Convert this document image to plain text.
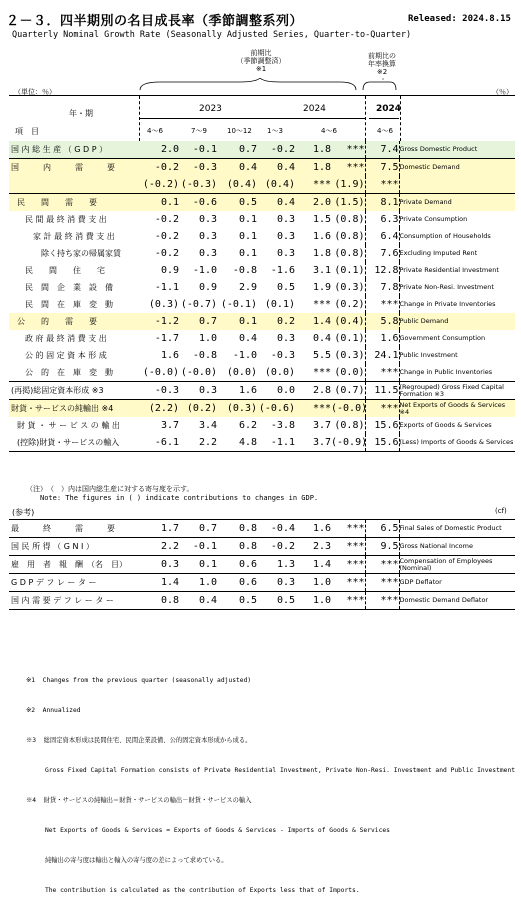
２－３．四半期別の名目成長率（季節調整系列）	Released: 2024.8.15
Quarterly Nominal Growth Rate (Seasonally Adjusted Series, Quarter-to-Quarter)
前期比
（季節調整済）
※1
前期比の
年率換算
※2
（単位：％）	（％）
年・期
項　目
2023	2024	2024
4～6	7～9	10～12 1～3	4～6	4～6
国 内 総 生 産 （ G D P ）	2.0	-0.1	0.7	-0.2	1.8	***	7.4	Gross Domestic Product
国　　　内　　　需　　　要	-0.2	-0.3	0.4	0.4	1.8	***	7.5	Domestic Demand
	(-0.2)	(-0.3)	(0.4)	(0.4)	***	(1.9)	***	
民　　間　　需　　要	0.1	-0.6	0.5	0.4	2.0	(1.5)	8.1	Private Demand
民 間 最 終 消 費 支 出	-0.2	0.3	0.1	0.3	1.5	(0.8)	6.3	Private Consumption
家 計 最 終 消 費 支 出	-0.2	0.3	0.1	0.3	1.6	(0.8)	6.4	Consumption of Households
除く持ち家の帰属家賃	-0.2	0.3	0.1	0.3	1.8	(0.8)	7.6	Excluding Imputed Rent
民　　間　　住　　宅	0.9	-1.0	-0.8	-1.6	3.1	(0.1)	12.8	Private Residential Investment
民　間　企　業　設　備	-1.1	0.9	2.9	0.5	1.9	(0.3)	7.8	Private Non-Resi. Investment
民　間　在　庫　変　動	(0.3)	(-0.7)	(-0.1)	(0.1)	***	(0.2)	***	Change in Private Inventories
公　　的　　需　　要	-1.2	0.7	0.1	0.2	1.4	(0.4)	5.8	Public Demand
政 府 最 終 消 費 支 出	-1.7	1.0	0.4	0.3	0.4	(0.1)	1.6	Government Consumption
公 的 固 定 資 本 形 成	1.6	-0.8	-1.0	-0.3	5.5	(0.3)	24.1	Public Investment
公　的　在　庫　変　動	(-0.0)	(-0.0)	(0.0)	(0.0)	***	(0.0)	***	Change in Public Inventories
(再掲)総固定資本形成 ※3	-0.3	0.3	1.6	0.0	2.8	(0.7)	11.5	(Regrouped) Gross Fixed Capital Formation ※3
財貨・サービスの純輸出 ※4	(2.2)	(0.2)	(0.3)	(-0.6)	***	(-0.0)	***	Net Exports of Goods & Services ※4
財 貨 ・ サ ー ビ ス の 輸 出	3.7	3.4	6.2	-3.8	3.7	(0.8)	15.6	Exports of Goods & Services
(控除)財貨・サービスの輸入	-6.1	2.2	4.8	-1.1	3.7	(-0.9)	15.6	(Less) Imports of Goods & Services
（注）　（　）内は国内総生産に対する寄与度を示す。
Note: The figures in ( ) indicate contributions to changes in GDP.
(参考)	(cf)
最　　　終　　　需　　　要	1.7	0.7	0.8	-0.4	1.6	***	6.5	Final Sales of Domestic Product
国 民 所 得 （ G N I ）	2.2	-0.1	0.8	-0.2	2.3	***	9.5	Gross National Income
雇　用　者　報　酬　（名　目）	0.3	0.1	0.6	1.3	1.4	***	***	Compensation of Employees (Nominal)
G D P デ フ レ ー タ ー	1.4	1.0	0.6	0.3	1.0	***	***	GDP Deflator
国 内 需 要 デ フ レ ー タ ー	0.8	0.4	0.5	0.5	1.0	***	***	Domestic Demand Deflator

※1  Changes from the previous quarter (seasonally adjusted)

※2  Annualized

※3  総固定資本形成は民間住宅、民間企業設備、公的固定資本形成から成る。

Gross Fixed Capital Formation consists of Private Residential Investment, Private Non-Resi. Investment and Public Investment

※4  財貨・サービスの純輸出＝財貨・サービスの輸出－財貨・サービスの輸入

Net Exports of Goods & Services = Exports of Goods & Services - Imports of Goods & Services

純輸出の寄与度は輸出と輸入の寄与度の差によって求めている。

The contribution is calculated as the contribution of Exports less that of Imports.
